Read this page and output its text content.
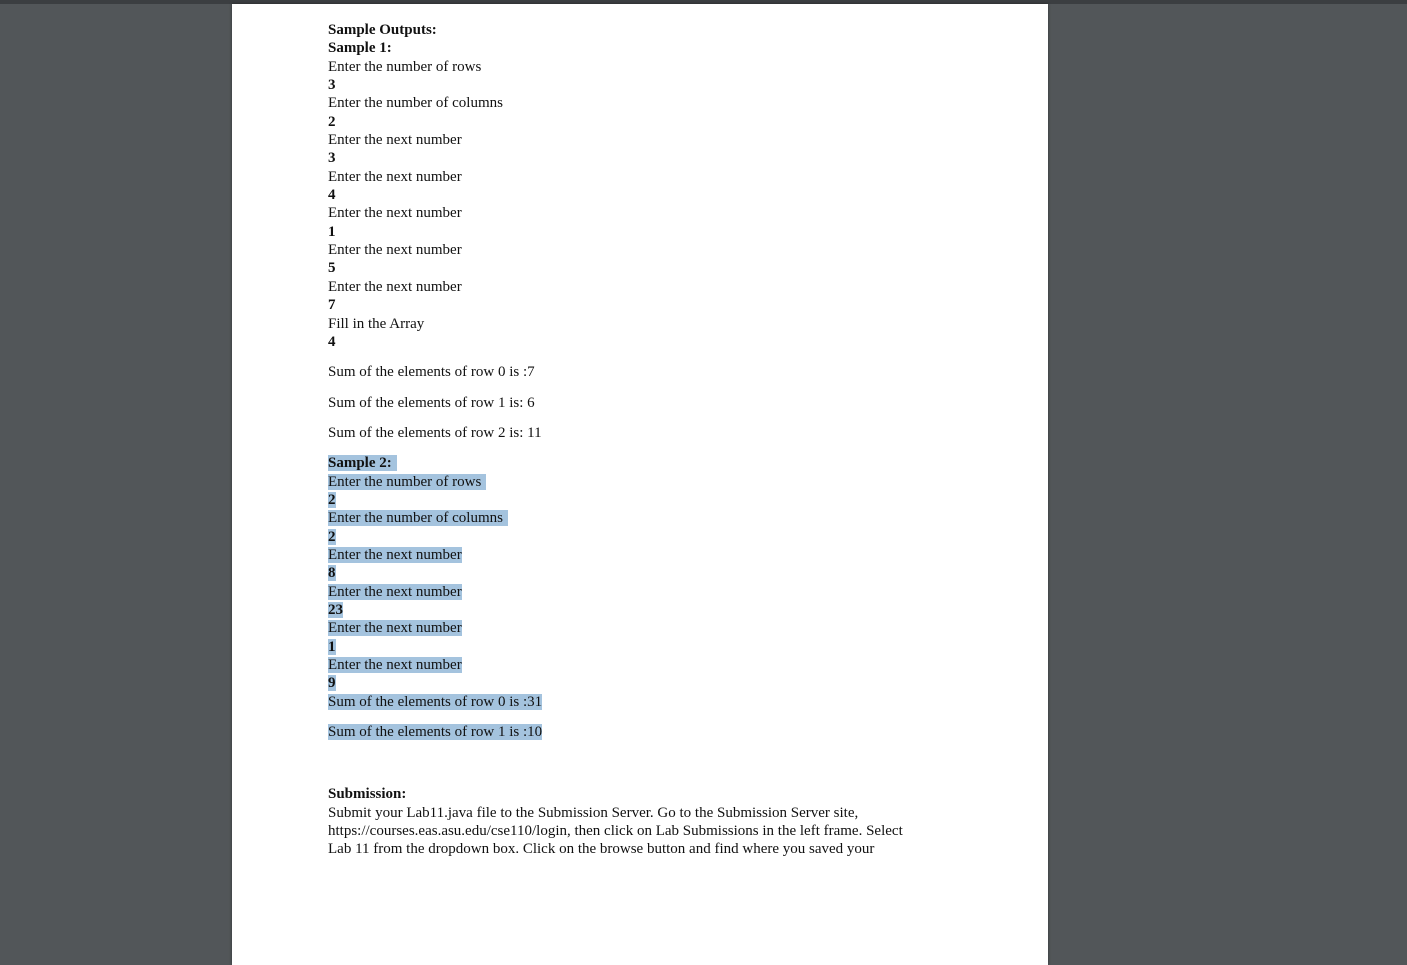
Sample Outputs:
Sample 1:
Enter the number of rows
3
Enter the number of columns
2
Enter the next number
3
Enter the next number
4
Enter the next number
1
Enter the next number
5
Enter the next number
7
Fill in the Array
4
Sum of the elements of row 0 is :7
Sum of the elements of row 1 is: 6
Sum of the elements of row 2 is: 11
Sample 2:
Enter the number of rows
2
Enter the number of columns
2
Enter the next number
8
Enter the next number
23
Enter the next number
1
Enter the next number
9
Sum of the elements of row 0 is :31
Sum of the elements of row 1 is :10
Submission:
Submit your Lab11.java file to the Submission Server. Go to the Submission Server site,
https://courses.eas.asu.edu/cse110/login, then click on Lab Submissions in the left frame. Select
Lab 11 from the dropdown box. Click on the browse button and find where you saved your
